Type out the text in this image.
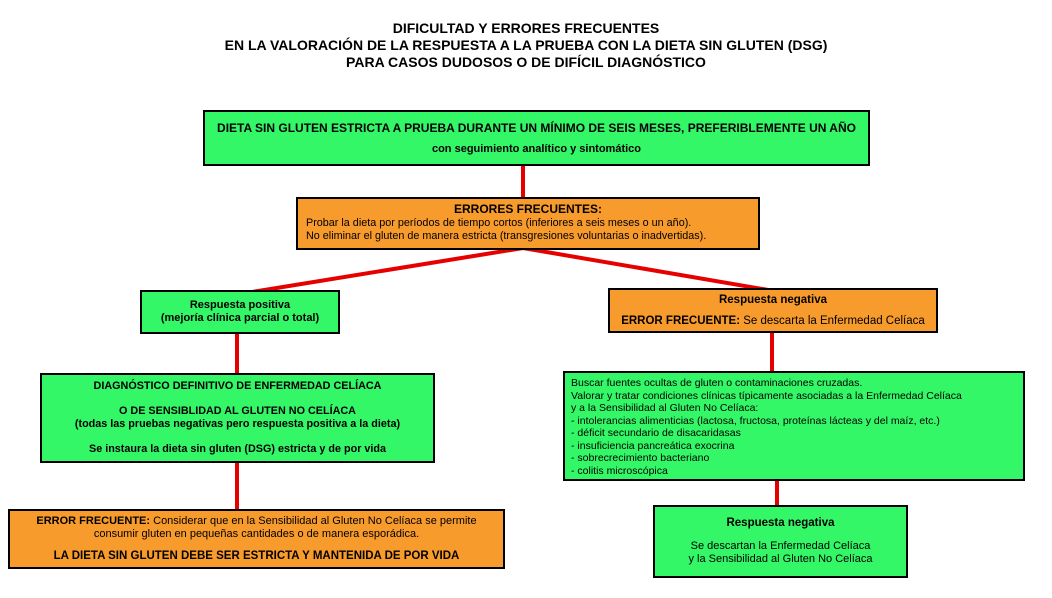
DIFICULTAD Y ERRORES FRECUENTES
EN LA VALORACIÓN DE LA RESPUESTA A LA PRUEBA CON LA DIETA SIN GLUTEN (DSG)
PARA CASOS DUDOSOS O DE DIFÍCIL DIAGNÓSTICO
DIETA SIN GLUTEN ESTRICTA A PRUEBA DURANTE UN MÍNIMO DE SEIS MESES, PREFERIBLEMENTE UN AÑO
con seguimiento analítico y sintomático
ERRORES FRECUENTES:
Probar la dieta por períodos de tiempo cortos (inferiores a seis meses o un año).
No eliminar el gluten de manera estricta (transgresiones voluntarias o inadvertidas).
Respuesta positiva
(mejoría clínica parcial o total)
Respuesta negativa
ERROR FRECUENTE: Se descarta la Enfermedad Celíaca
DIAGNÓSTICO DEFINITIVO DE ENFERMEDAD CELÍACA
O DE SENSIBLIDAD AL GLUTEN NO CELÍACA
(todas las pruebas negativas pero respuesta positiva a la dieta)
Se instaura la dieta sin gluten (DSG) estricta y de por vida
Buscar fuentes ocultas de gluten o contaminaciones cruzadas.
Valorar y tratar condiciones clínicas típicamente asociadas a la Enfermedad Celíaca
y a la Sensibilidad al Gluten No Celíaca:
- intolerancias alimenticias (lactosa, fructosa, proteínas lácteas y del maíz, etc.)
- déficit secundario de disacaridasas
- insuficiencia pancreática exocrina
- sobrecrecimiento bacteriano
- colitis microscópica
ERROR FRECUENTE: Considerar que en la Sensibilidad al Gluten No Celíaca se permite consumir gluten en pequeñas cantidades o de manera esporádica.
LA DIETA SIN GLUTEN DEBE SER ESTRICTA Y MANTENIDA DE POR VIDA
Respuesta negativa
Se descartan la Enfermedad Celíaca
y la Sensibilidad al Gluten No Celíaca
